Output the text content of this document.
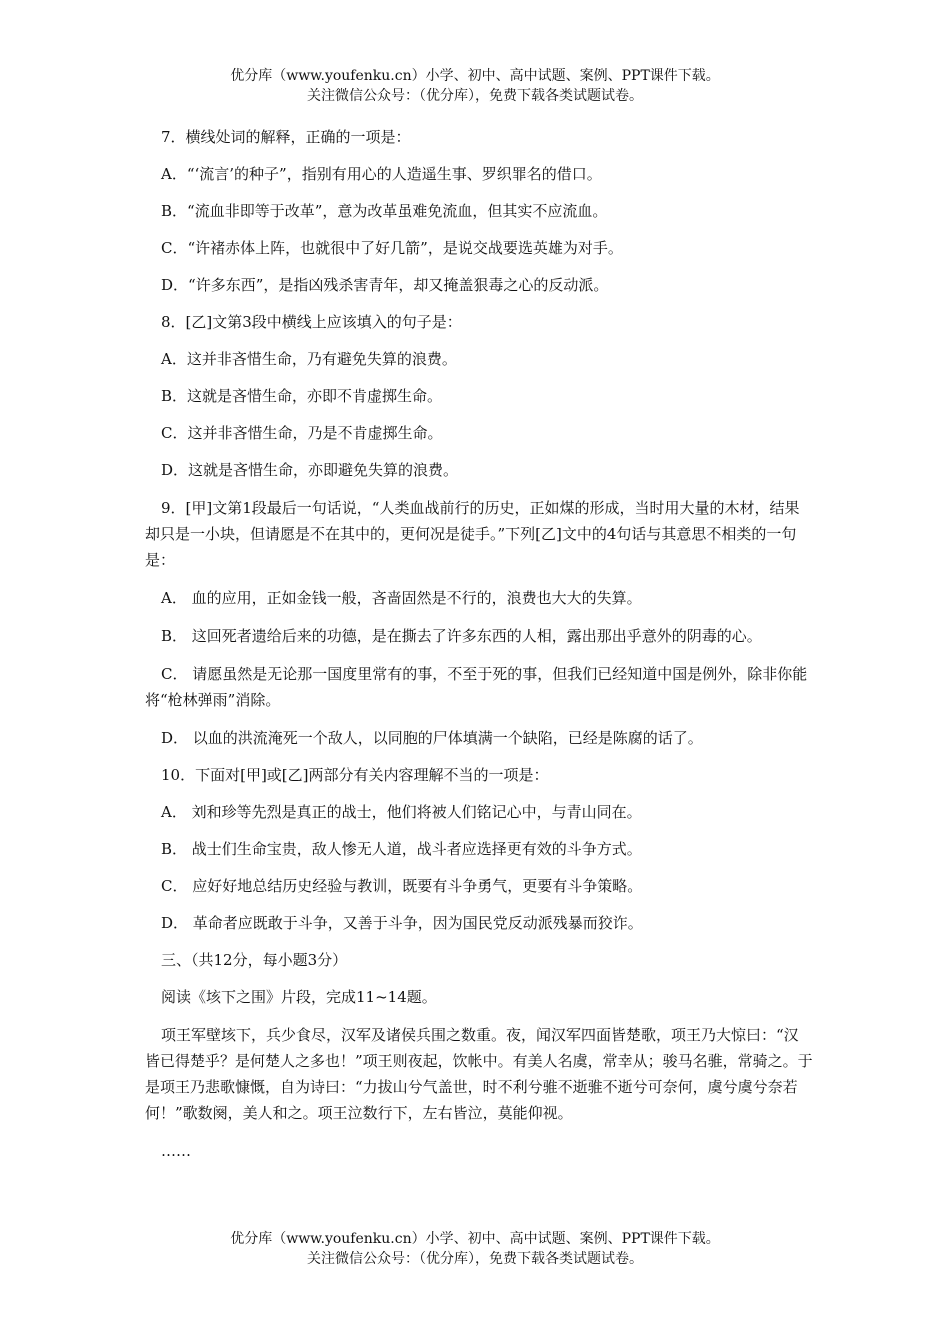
优分库（www.youfenku.cn）小学、初中、高中试题、案例、PPT课件下载。
关注微信公众号：（优分库），免费下载各类试题试卷。

7．横线处词的解释，正确的一项是：

A．“‘流言’的种子”，指别有用心的人造遥生事、罗织罪名的借口。

B．“流血非即等于改革”，意为改革虽难免流血，但其实不应流血。

C．“许褚赤体上阵，也就很中了好几箭”，是说交战要选英雄为对手。

D．“许多东西”，是指凶残杀害青年，却又掩盖狠毒之心的反动派。

8．[乙]文第3段中横线上应该填入的句子是：

A．这并非吝惜生命，乃有避免失算的浪费。

B．这就是吝惜生命，亦即不肯虚掷生命。

C．这并非吝惜生命，乃是不肯虚掷生命。

D．这就是吝惜生命，亦即避免失算的浪费。

9．[甲]文第1段最后一句话说，“人类血战前行的历史，正如煤的形成，当时用大量的木材，结果却只是一小块，但请愿是不在其中的，更何况是徒手。”下列[乙]文中的4句话与其意思不相类的一句是：

A． 血的应用，正如金钱一般，吝啬固然是不行的，浪费也大大的失算。

B． 这回死者遗给后来的功德，是在撕去了许多东西的人相，露出那出乎意外的阴毒的心。

C． 请愿虽然是无论那一国度里常有的事，不至于死的事，但我们已经知道中国是例外，除非你能将“枪林弹雨”消除。

D． 以血的洪流淹死一个敌人，以同胞的尸体填满一个缺陷，已经是陈腐的话了。

10．下面对[甲]或[乙]两部分有关内容理解不当的一项是：

A． 刘和珍等先烈是真正的战士，他们将被人们铭记心中，与青山同在。

B． 战士们生命宝贵，敌人惨无人道，战斗者应选择更有效的斗争方式。

C． 应好好地总结历史经验与教训，既要有斗争勇气，更要有斗争策略。

D． 革命者应既敢于斗争，又善于斗争，因为国民党反动派残暴而狡诈。

三、（共12分，每小题3分）

阅读《垓下之围》片段，完成11~14题。

项王军壁垓下，兵少食尽，汉军及诸侯兵围之数重。夜，闻汉军四面皆楚歌，项王乃大惊曰：“汉皆已得楚乎？是何楚人之多也！”项王则夜起，饮帐中。有美人名虞，常幸从；骏马名骓，常骑之。于是项王乃悲歌慷慨，自为诗曰：“力拔山兮气盖世，时不利兮骓不逝骓不逝兮可奈何，虞兮虞兮奈若何！”歌数阕，美人和之。项王泣数行下，左右皆泣，莫能仰视。

……

优分库（www.youfenku.cn）小学、初中、高中试题、案例、PPT课件下载。
关注微信公众号：（优分库），免费下载各类试题试卷。
